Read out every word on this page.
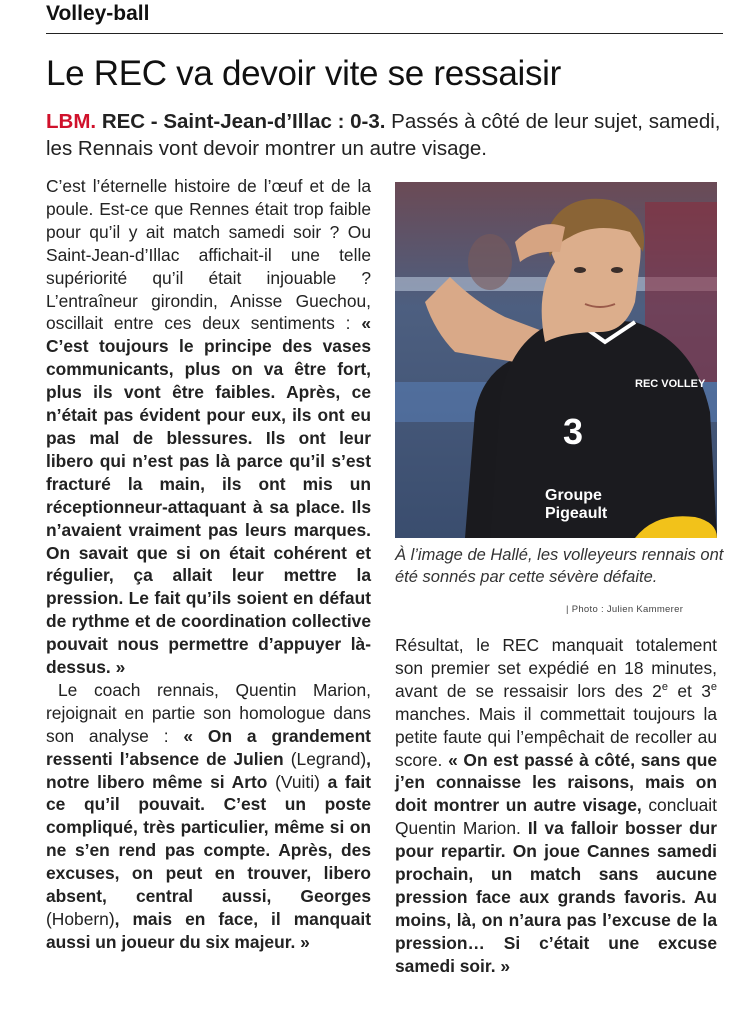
Volley-ball
Le REC va devoir vite se ressaisir
LBM. REC - Saint-Jean-d’Illac : 0-3. Passés à côté de leur sujet, samedi, les Rennais vont devoir montrer un autre visage.

C’est l’éternelle histoire de l’œuf et de la poule. Est-ce que Rennes était trop faible pour qu’il y ait match samedi soir ? Ou Saint-Jean-d’Illac affichait-il une telle supériorité qu’il était injouable ? L’entraîneur girondin, Anisse Guechou, oscillait entre ces deux sentiments : « C’est toujours le principe des vases communicants, plus on va être fort, plus ils vont être faibles. Après, ce n’était pas évident pour eux, ils ont eu pas mal de blessures. Ils ont leur libero qui n’est pas là parce qu’il s’est fracturé la main, ils ont mis un réceptionneur-attaquant à sa place. Ils n’avaient vraiment pas leurs marques. On savait que si on était cohérent et régulier, ça allait leur mettre la pression. Le fait qu’ils soient en défaut de rythme et de coordination collective pouvait nous permettre d’appuyer là-dessus. »

Le coach rennais, Quentin Marion, rejoignait en partie son homologue dans son analyse : « On a grandement ressenti l’absence de Julien (Legrand), notre libero même si Arto (Vuiti) a fait ce qu’il pouvait. C’est un poste compliqué, très particulier, même si on ne s’en rend pas compte. Après, des excuses, on peut en trouver, libero absent, central aussi, Georges (Hobern), mais en face, il manquait aussi un joueur du six majeur. »

3
REC VOLLEY
Groupe
Pigeault
À l’image de Hallé, les volleyeurs rennais ont été sonnés par cette sévère défaite.
| Photo : Julien Kammerer

Résultat, le REC manquait totalement son premier set expédié en 18 minutes, avant de se ressaisir lors des 2e et 3e manches. Mais il commettait toujours la petite faute qui l’empêchait de recoller au score. « On est passé à côté, sans que j’en connaisse les raisons, mais on doit montrer un autre visage, concluait Quentin Marion. Il va falloir bosser dur pour repartir. On joue Cannes samedi prochain, un match sans aucune pression face aux grands favoris. Au moins, là, on n’aura pas l’excuse de la pression… Si c’était une excuse samedi soir. »
